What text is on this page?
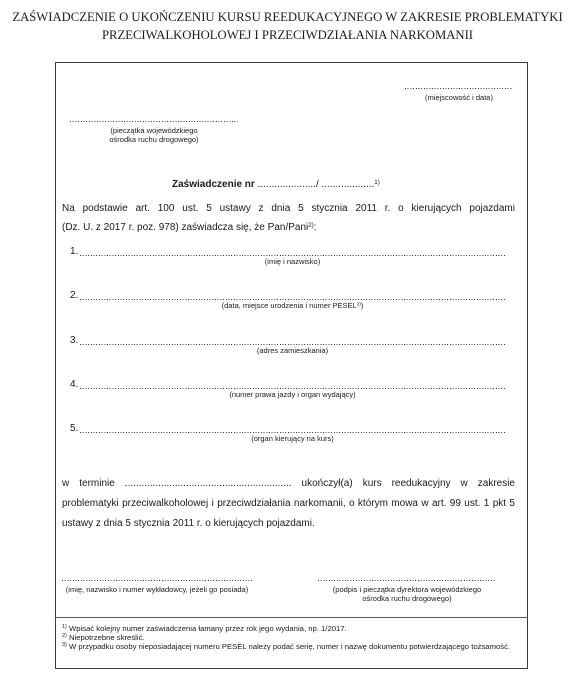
ZAŚWIADCZENIE O UKOŃCZENIU KURSU REEDUKACYJNEGO W ZAKRESIE PROBLEMATYKI
PRZECIWALKOHOLOWEJ I PRZECIWDZIAŁANIA NARKOMANII
(miejscowość i data)
(pieczątka wojewódzkiego
ośrodka ruchu drogowego)
Zaświadczenie nr ...................../ ...................$^{1)}$
Na podstawie art. 100 ust. 5 ustawy z dnia 5 stycznia 2011 r. o kierujących pojazdami
(Dz. U. z 2017 r. poz. 978) zaświadcza się, że Pan/Pani$^{2)}$:
1.
(imię i nazwisko)
2.
(data, miejsce urodzenia i numer PESEL$^{3)}$)
3.
(adres zamieszkania)
4.
(numer prawa jazdy i organ wydający)
5.
(organ kierujący na kurs)
w terminie ............................................................ ukończył(a) kurs reedukacyjny w zakresie
problematyki przeciwalkoholowej i przeciwdziałania narkomanii, o którym mowa w art. 99 ust. 1 pkt 5
ustawy z dnia 5 stycznia 2011 r. o kierujących pojazdami.
(imię, nazwisko i numer wykładowcy, jeżeli go posiada)	(podpis i pieczątka dyrektora wojewódzkiego
ośrodka ruchu drogowego)
$^{1)}$ Wpisać kolejny numer zaświadczenia łamany przez rok jego wydania, np. 1/2017.
$^{2)}$ Niepotrzebne skreślić.
$^{3)}$ W przypadku osoby nieposiadającej numeru PESEL należy podać serię, numer i nazwę dokumentu potwierdzającego tożsamość.
